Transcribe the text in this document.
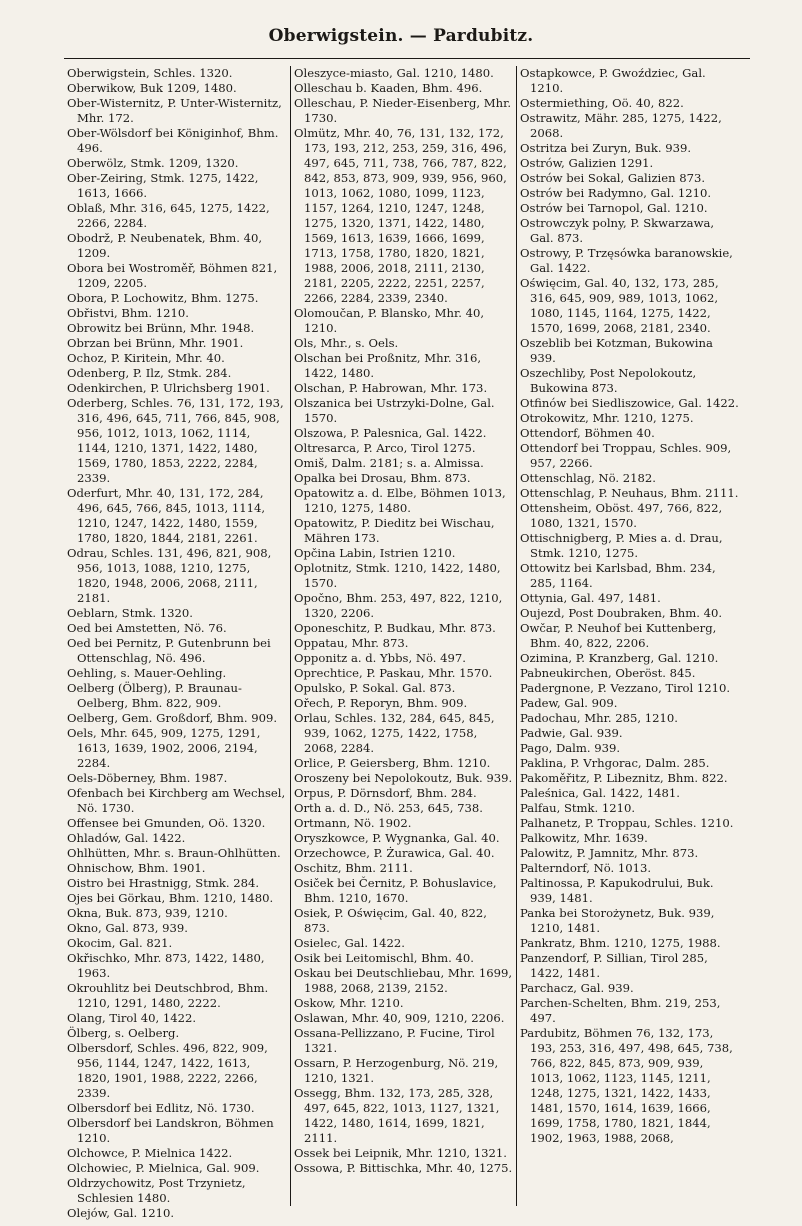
Oberwigstein. — Pardubitz.
Oberwigstein, Schles. 1320.
Oberwikow, Buk 1209, 1480.
Ober-Wisternitz, P. Unter-Wisternitz, Mhr. 172.
Ober-Wölsdorf bei Königinhof, Bhm. 496.
Oberwölz, Stmk. 1209, 1320.
Ober-Zeiring, Stmk. 1275, 1422, 1613, 1666.
Oblaß, Mhr. 316, 645, 1275, 1422, 2266, 2284.
Obodrž, P. Neubenatek, Bhm. 40, 1209.
Obora bei Wostroměř, Böhmen 821, 1209, 2205.
Obora, P. Lochowitz, Bhm. 1275.
Obřistvi, Bhm. 1210.
Obrowitz bei Brünn, Mhr. 1948.
Obrzan bei Brünn, Mhr. 1901.
Ochoz, P. Kiritein, Mhr. 40.
Odenberg, P. Ilz, Stmk. 284.
Odenkirchen, P. Ulrichsberg 1901.
Oderberg, Schles. 76, 131, 172, 193, 316, 496, 645, 711, 766, 845, 908, 956, 1012, 1013, 1062, 1114, 1144, 1210, 1371, 1422, 1480, 1569, 1780, 1853, 2222, 2284, 2339.
Oderfurt, Mhr. 40, 131, 172, 284, 496, 645, 766, 845, 1013, 1114, 1210, 1247, 1422, 1480, 1559, 1780, 1820, 1844, 2181, 2261.
Odrau, Schles. 131, 496, 821, 908, 956, 1013, 1088, 1210, 1275, 1820, 1948, 2006, 2068, 2111, 2181.
Oeblarn, Stmk. 1320.
Oed bei Amstetten, Nö. 76.
Oed bei Pernitz, P. Gutenbrunn bei Ottenschlag, Nö. 496.
Oehling, s. Mauer-Oehling.
Oelberg (Ölberg), P. Braunau-Oelberg, Bhm. 822, 909.
Oelberg, Gem. Großdorf, Bhm. 909.
Oels, Mhr. 645, 909, 1275, 1291, 1613, 1639, 1902, 2006, 2194, 2284.
Oels-Döberney, Bhm. 1987.
Ofenbach bei Kirchberg am Wechsel, Nö. 1730.
Offensee bei Gmunden, Oö. 1320.
Ohladów, Gal. 1422.
Ohlhütten, Mhr. s. Braun-Ohlhütten.
Ohnischow, Bhm. 1901.
Oistro bei Hrastnigg, Stmk. 284.
Ojes bei Görkau, Bhm. 1210, 1480.
Okna, Buk. 873, 939, 1210.
Okno, Gal. 873, 939.
Okocim, Gal. 821.
Okřischko, Mhr. 873, 1422, 1480, 1963.
Okrouhlitz bei Deutschbrod, Bhm. 1210, 1291, 1480, 2222.
Olang, Tirol 40, 1422.
Ölberg, s. Oelberg.
Olbersdorf, Schles. 496, 822, 909, 956, 1144, 1247, 1422, 1613, 1820, 1901, 1988, 2222, 2266, 2339.
Olbersdorf bei Edlitz, Nö. 1730.
Olbersdorf bei Landskron, Böhmen 1210.
Olchowce, P. Mielnica 1422.
Olchowiec, P. Mielnica, Gal. 909.
Oldrzychowitz, Post Trzynietz, Schlesien 1480.
Olejów, Gal. 1210.
Oleszyce-miasto, Gal. 1210, 1480.
Olleschau b. Kaaden, Bhm. 496.
Olleschau, P. Nieder-Eisenberg, Mhr. 1730.
Olmütz, Mhr. 40, 76, 131, 132, 172, 173, 193, 212, 253, 259, 316, 496, 497, 645, 711, 738, 766, 787, 822, 842, 853, 873, 909, 939, 956, 960, 1013, 1062, 1080, 1099, 1123, 1157, 1264, 1210, 1247, 1248, 1275, 1320, 1371, 1422, 1480, 1569, 1613, 1639, 1666, 1699, 1713, 1758, 1780, 1820, 1821, 1988, 2006, 2018, 2111, 2130, 2181, 2205, 2222, 2251, 2257, 2266, 2284, 2339, 2340.
Olomoučan, P. Blansko, Mhr. 40, 1210.
Ols, Mhr., s. Oels.
Olschan bei Proßnitz, Mhr. 316, 1422, 1480.
Olschan, P. Habrowan, Mhr. 173.
Olszanica bei Ustrzyki-Dolne, Gal. 1570.
Olszowa, P. Palesnica, Gal. 1422.
Oltresarca, P. Arco, Tirol 1275.
Omiš, Dalm. 2181; s. a. Almissa.
Opalka bei Drosau, Bhm. 873.
Opatowitz a. d. Elbe, Böhmen 1013, 1210, 1275, 1480.
Opatowitz, P. Dieditz bei Wischau, Mähren 173.
Opčina Labin, Istrien 1210.
Oplotnitz, Stmk. 1210, 1422, 1480, 1570.
Opočno, Bhm. 253, 497, 822, 1210, 1320, 2206.
Oponeschitz, P. Budkau, Mhr. 873.
Oppatau, Mhr. 873.
Opponitz a. d. Ybbs, Nö. 497.
Oprechtice, P. Paskau, Mhr. 1570.
Opulsko, P. Sokal. Gal. 873.
Ořech, P. Reporyn, Bhm. 909.
Orlau, Schles. 132, 284, 645, 845, 939, 1062, 1275, 1422, 1758, 2068, 2284.
Orlice, P. Geiersberg, Bhm. 1210.
Oroszeny bei Nepolokoutz, Buk. 939.
Orpus, P. Dörnsdorf, Bhm. 284.
Orth a. d. D., Nö. 253, 645, 738.
Ortmann, Nö. 1902.
Oryszkowce, P. Wygnanka, Gal. 40.
Orzechowce, P. Żurawica, Gal. 40.
Oschitz, Bhm. 2111.
Osiček bei Černitz, P. Bohuslavice, Bhm. 1210, 1670.
Osiek, P. Oświęcim, Gal. 40, 822, 873.
Osielec, Gal. 1422.
Osik bei Leitomischl, Bhm. 40.
Oskau bei Deutschliebau, Mhr. 1699, 1988, 2068, 2139, 2152.
Oskow, Mhr. 1210.
Oslawan, Mhr. 40, 909, 1210, 2206.
Ossana-Pellizzano, P. Fucine, Tirol 1321.
Ossarn, P. Herzogenburg, Nö. 219, 1210, 1321.
Ossegg, Bhm. 132, 173, 285, 328, 497, 645, 822, 1013, 1127, 1321, 1422, 1480, 1614, 1699, 1821, 2111.
Ossek bei Leipnik, Mhr. 1210, 1321.
Ossowa, P. Bittischka, Mhr. 40, 1275.
Ostapkowce, P. Gwoździec, Gal. 1210.
Ostermiething, Oö. 40, 822.
Ostrawitz, Mähr. 285, 1275, 1422, 2068.
Ostritza bei Zuryn, Buk. 939.
Ostrów, Galizien 1291.
Ostrów bei Sokal, Galizien 873.
Ostrów bei Radymno, Gal. 1210.
Ostrów bei Tarnopol, Gal. 1210.
Ostrowczyk polny, P. Skwarzawa, Gal. 873.
Ostrowy, P. Trzęsówka baranowskie, Gal. 1422.
Oświęcim, Gal. 40, 132, 173, 285, 316, 645, 909, 989, 1013, 1062, 1080, 1145, 1164, 1275, 1422, 1570, 1699, 2068, 2181, 2340.
Oszeblib bei Kotzman, Bukowina 939.
Oszechliby, Post Nepolokoutz, Bukowina 873.
Otfinów bei Siedliszowice, Gal. 1422.
Otrokowitz, Mhr. 1210, 1275.
Ottendorf, Böhmen 40.
Ottendorf bei Troppau, Schles. 909, 957, 2266.
Ottenschlag, Nö. 2182.
Ottenschlag, P. Neuhaus, Bhm. 2111.
Ottensheim, Oböst. 497, 766, 822, 1080, 1321, 1570.
Ottischnigberg, P. Mies a. d. Drau, Stmk. 1210, 1275.
Ottowitz bei Karlsbad, Bhm. 234, 285, 1164.
Ottynia, Gal. 497, 1481.
Oujezd, Post Doubraken, Bhm. 40.
Owčar, P. Neuhof bei Kuttenberg, Bhm. 40, 822, 2206.
Ozimina, P. Kranzberg, Gal. 1210.
Pabneukirchen, Oberöst. 845.
Padergnone, P. Vezzano, Tirol 1210.
Padew, Gal. 909.
Padochau, Mhr. 285, 1210.
Padwie, Gal. 939.
Pago, Dalm. 939.
Paklina, P. Vrhgorac, Dalm. 285.
Pakoměřitz, P. Libeznitz, Bhm. 822.
Paleśnica, Gal. 1422, 1481.
Palfau, Stmk. 1210.
Palhanetz, P. Troppau, Schles. 1210.
Palkowitz, Mhr. 1639.
Palowitz, P. Jamnitz, Mhr. 873.
Palterndorf, Nö. 1013.
Paltinossa, P. Kapukodrului, Buk. 939, 1481.
Panka bei Storożynetz, Buk. 939, 1210, 1481.
Pankratz, Bhm. 1210, 1275, 1988.
Panzendorf, P. Sillian, Tirol 285, 1422, 1481.
Parchacz, Gal. 939.
Parchen-Schelten, Bhm. 219, 253, 497.
Pardubitz, Böhmen 76, 132, 173, 193, 253, 316, 497, 498, 645, 738, 766, 822, 845, 873, 909, 939, 1013, 1062, 1123, 1145, 1211, 1248, 1275, 1321, 1422, 1433, 1481, 1570, 1614, 1639, 1666, 1699, 1758, 1780, 1821, 1844, 1902, 1963, 1988, 2068,
